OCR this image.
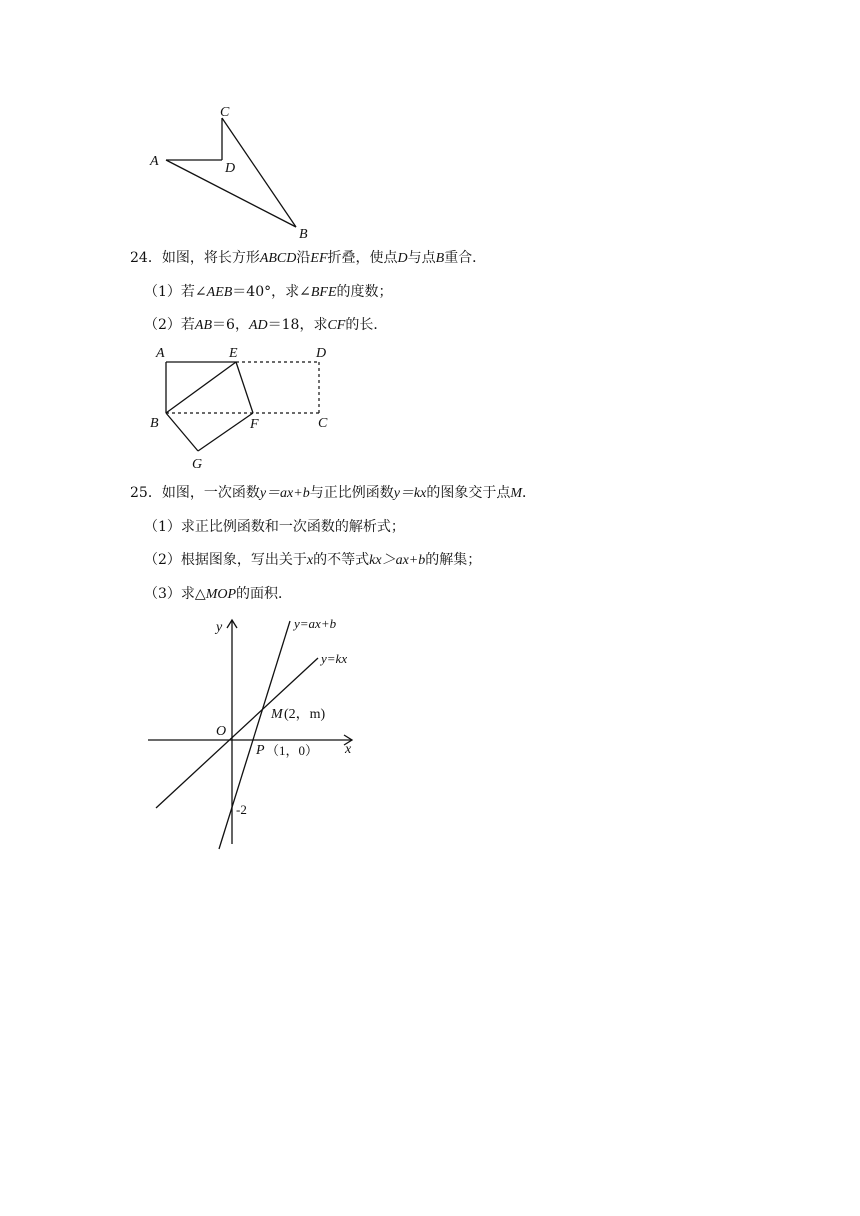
A
C
D
B
24．如图，将长方形ABCD沿EF折叠，使点D与点B重合．
（1）若∠AEB＝40°，求∠BFE的度数；
（2）若AB＝6，AD＝18，求CF的长．
A	E	D
B	F	C
G
25．如图，一次函数y＝ax+b与正比例函数y＝kx的图象交于点M．
（1）求正比例函数和一次函数的解析式；
（2）根据图象，写出关于x的不等式kx＞ax+b的解集；
（3）求△MOP的面积．
y
x
O
y=ax+b
y=kx
M (2，m)
P （1，0）
-2
